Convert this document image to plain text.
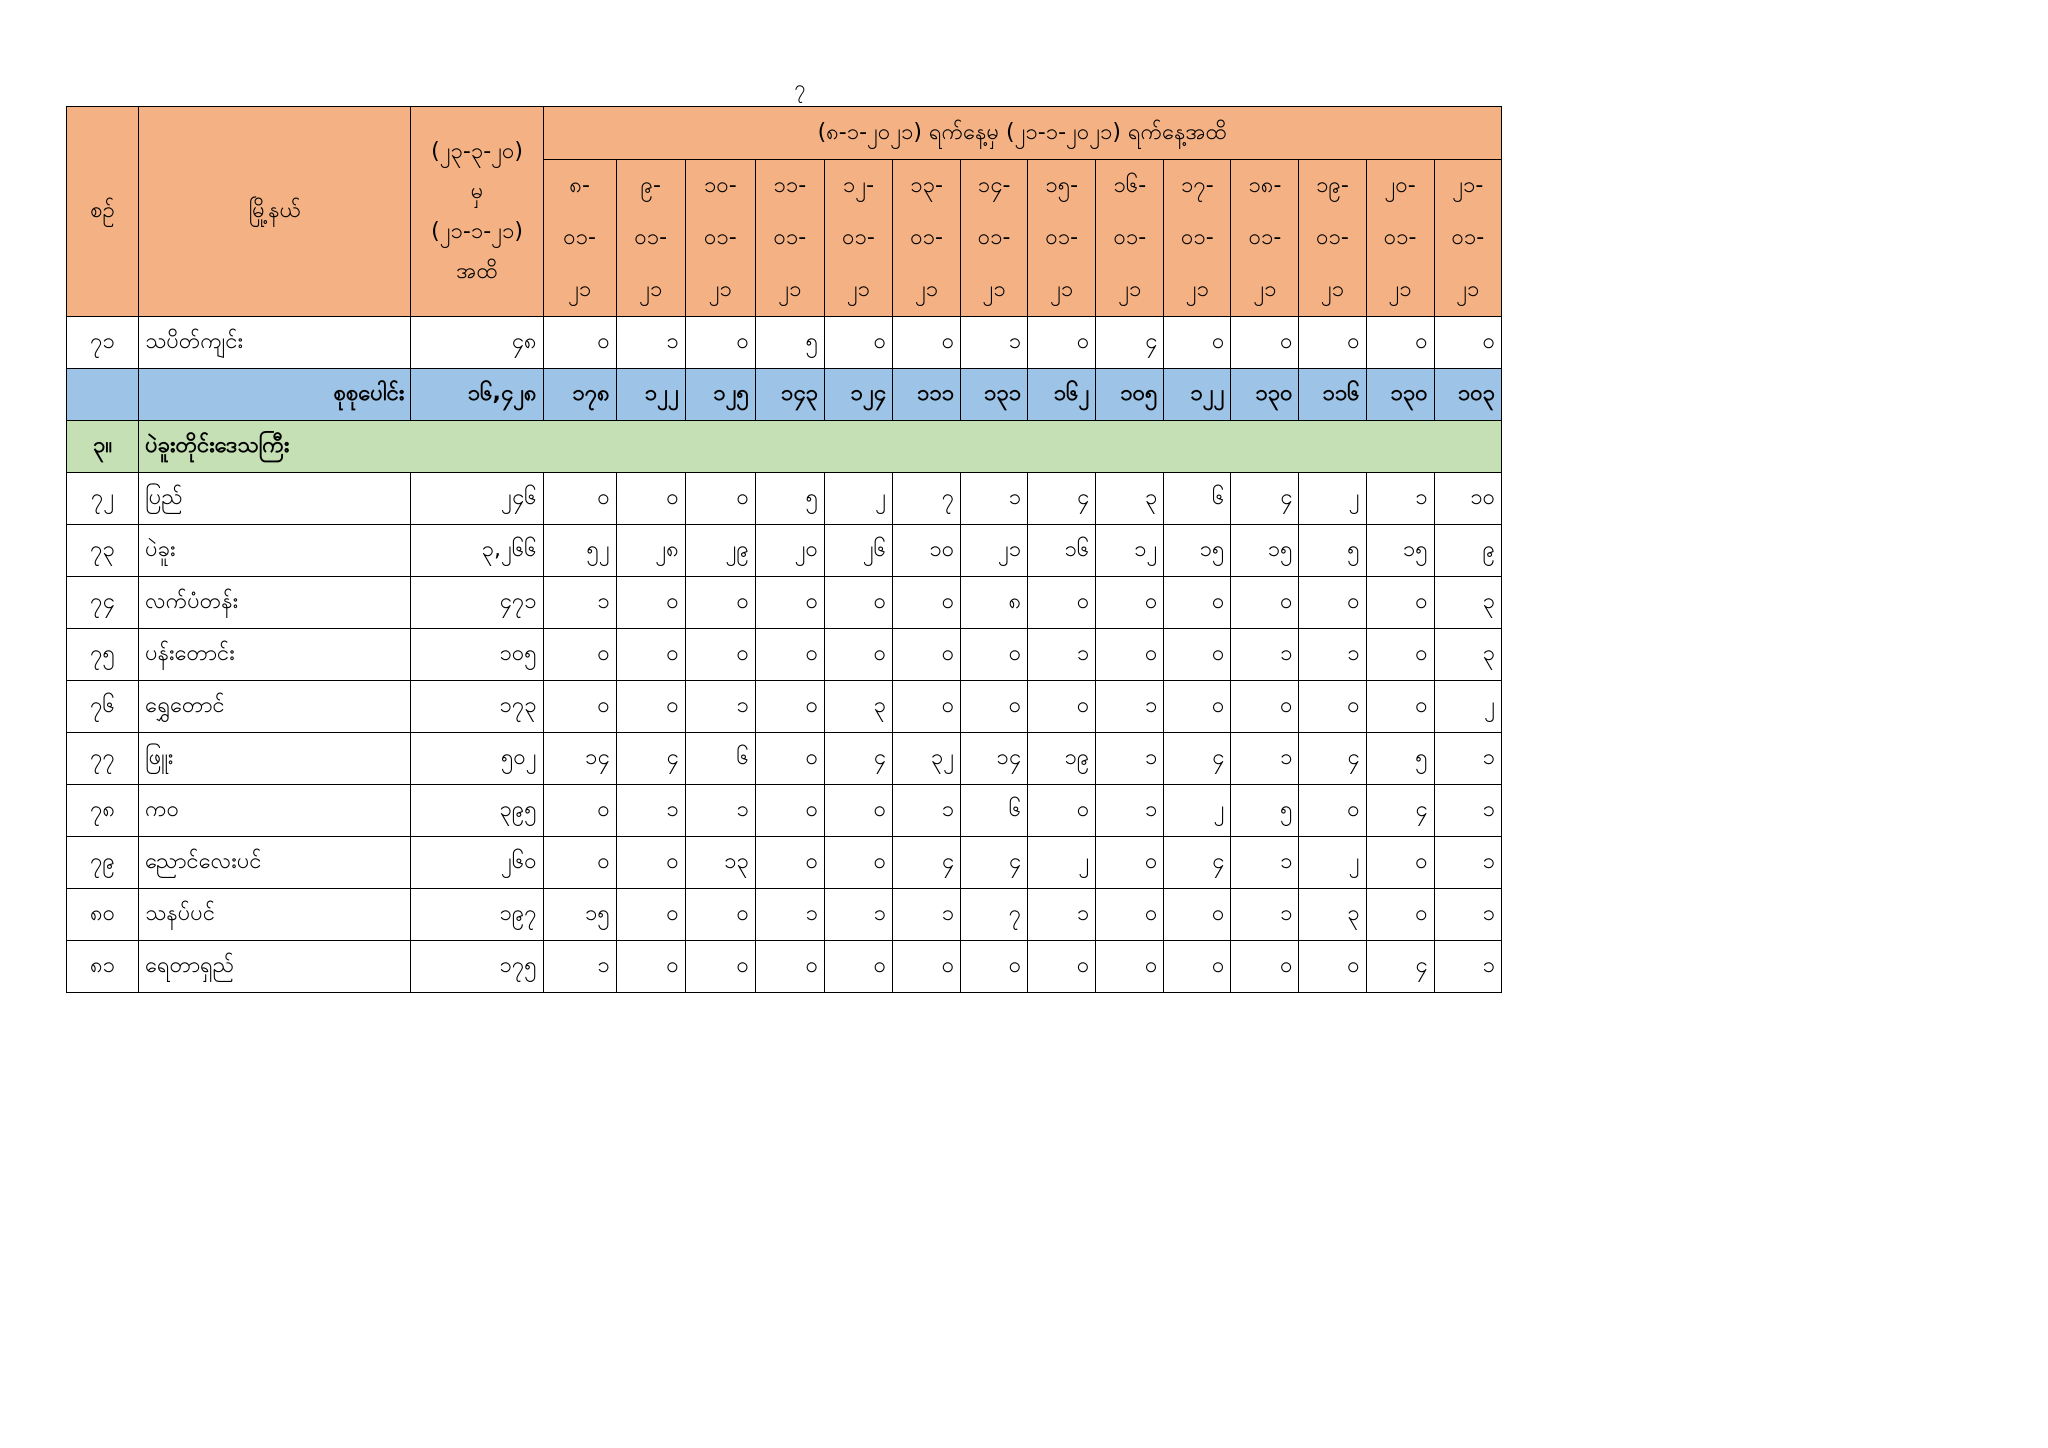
၇
စဉ်	မြို့နယ်	(၂၃-၃-၂၀)
မှ
(၂၁-၁-၂၁)
အထိ	(၈-၁-၂၀၂၁) ရက်နေ့မှ (၂၁-၁-၂၀၂၁) ရက်နေ့အထိ													

			၈-
၀၁-
၂၁	၉-
၀၁-
၂၁	၁၀-
၀၁-
၂၁	၁၁-
၀၁-
၂၁	၁၂-
၀၁-
၂၁	၁၃-
၀၁-
၂၁	၁၄-
၀၁-
၂၁	၁၅-
၀၁-
၂၁	၁၆-
၀၁-
၂၁	၁၇-
၀၁-
၂၁	၁၈-
၀၁-
၂၁	၁၉-
၀၁-
၂၁	၂၀-
၀၁-
၂၁	၂၁-
၀၁-
၂၁

၇၁	သပိတ်ကျင်း	၄၈	၀	၁	၀	၅	၀	၀	၁	၀	၄	၀	၀	၀	၀	၀
	စုစုပေါင်း	၁၆,၄၂၈	၁၇၈	၁၂၂	၁၂၅	၁၄၃	၁၂၄	၁၁၁	၁၃၁	၁၆၂	၁၀၅	၁၂၂	၁၃၀	၁၁၆	၁၃၀	၁၀၃
၃။	ပဲခူးတိုင်းဒေသကြီး															
၇၂	ပြည်	၂၄၆	၀	၀	၀	၅	၂	၇	၁	၄	၃	၆	၄	၂	၁	၁၀
၇၃	ပဲခူး	၃,၂၆၆	၅၂	၂၈	၂၉	၂၀	၂၆	၁၀	၂၁	၁၆	၁၂	၁၅	၁၅	၅	၁၅	၉
၇၄	လက်ပံတန်း	၄၇၁	၁	၀	၀	၀	၀	၀	၈	၀	၀	၀	၀	၀	၀	၃
၇၅	ပန်းတောင်း	၁၀၅	၀	၀	၀	၀	၀	၀	၀	၁	၀	၀	၁	၁	၀	၃
၇၆	ရွှေတောင်	၁၇၃	၀	၀	၁	၀	၃	၀	၀	၀	၁	၀	၀	၀	၀	၂
၇၇	ဖြူး	၅၀၂	၁၄	၄	၆	၀	၄	၃၂	၁၄	၁၉	၁	၄	၁	၄	၅	၁
၇၈	ကဝ	၃၉၅	၀	၁	၁	၀	၀	၁	၆	၀	၁	၂	၅	၀	၄	၁
၇၉	ညောင်လေးပင်	၂၆၀	၀	၀	၁၃	၀	၀	၄	၄	၂	၀	၄	၁	၂	၀	၁
၈၀	သနပ်ပင်	၁၉၇	၁၅	၀	၀	၁	၁	၁	၇	၁	၀	၀	၁	၃	၀	၁
၈၁	ရေတာရှည်	၁၇၅	၁	၀	၀	၀	၀	၀	၀	၀	၀	၀	၀	၀	၄	၁
